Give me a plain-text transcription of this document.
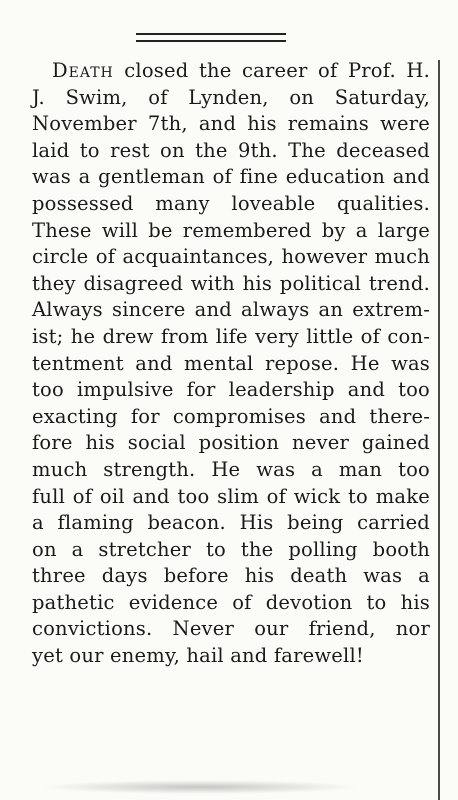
Death closed the career of Prof. H.
J. Swim, of Lynden, on Saturday,
November 7th, and his remains were
laid to rest on the 9th. The deceased
was a gentleman of fine education and
possessed many loveable qualities.
These will be remembered by a large
circle of acquaintances, however much
they disagreed with his political trend.
Always sincere and always an extrem-
ist; he drew from life very little of con-
tentment and mental repose. He was
too impulsive for leadership and too
exacting for compromises and there-
fore his social position never gained
much strength. He was a man too
full of oil and too slim of wick to make
a flaming beacon. His being carried
on a stretcher to the polling booth
three days before his death was a
pathetic evidence of devotion to his
convictions. Never our friend, nor
yet our enemy, hail and farewell!
